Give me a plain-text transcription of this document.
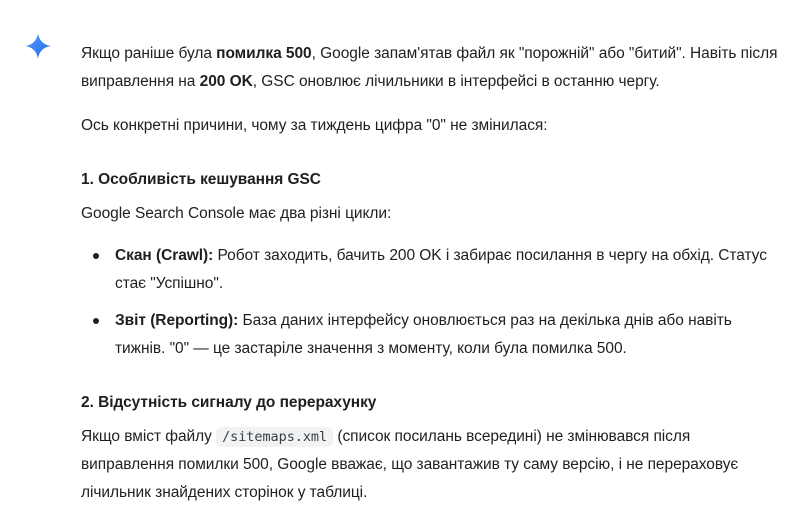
Якщо раніше була помилка 500, Google запам'ятав файл як "порожній" або "битий". Навіть після виправлення на 200 OK, GSC оновлює лічильники в інтерфейсі в останню чергу.

Ось конкретні причини, чому за тиждень цифра "0" не змінилася:

1. Особливість кешування GSC

Google Search Console має два різні цикли:

Скан (Crawl): Робот заходить, бачить 200 OK і забирає посилання в чергу на обхід. Статус стає "Успішно".
Звіт (Reporting): База даних інтерфейсу оновлюється раз на декілька днів або навіть тижнів. "0" — це застаріле значення з моменту, коли була помилка 500.
2. Відсутність сигналу до перерахунку

Якщо вміст файлу /sitemaps.xml (список посилань всередині) не змінювався після виправлення помилки 500, Google вважає, що завантажив ту саму версію, і не перераховує лічильник знайдених сторінок у таблиці.
